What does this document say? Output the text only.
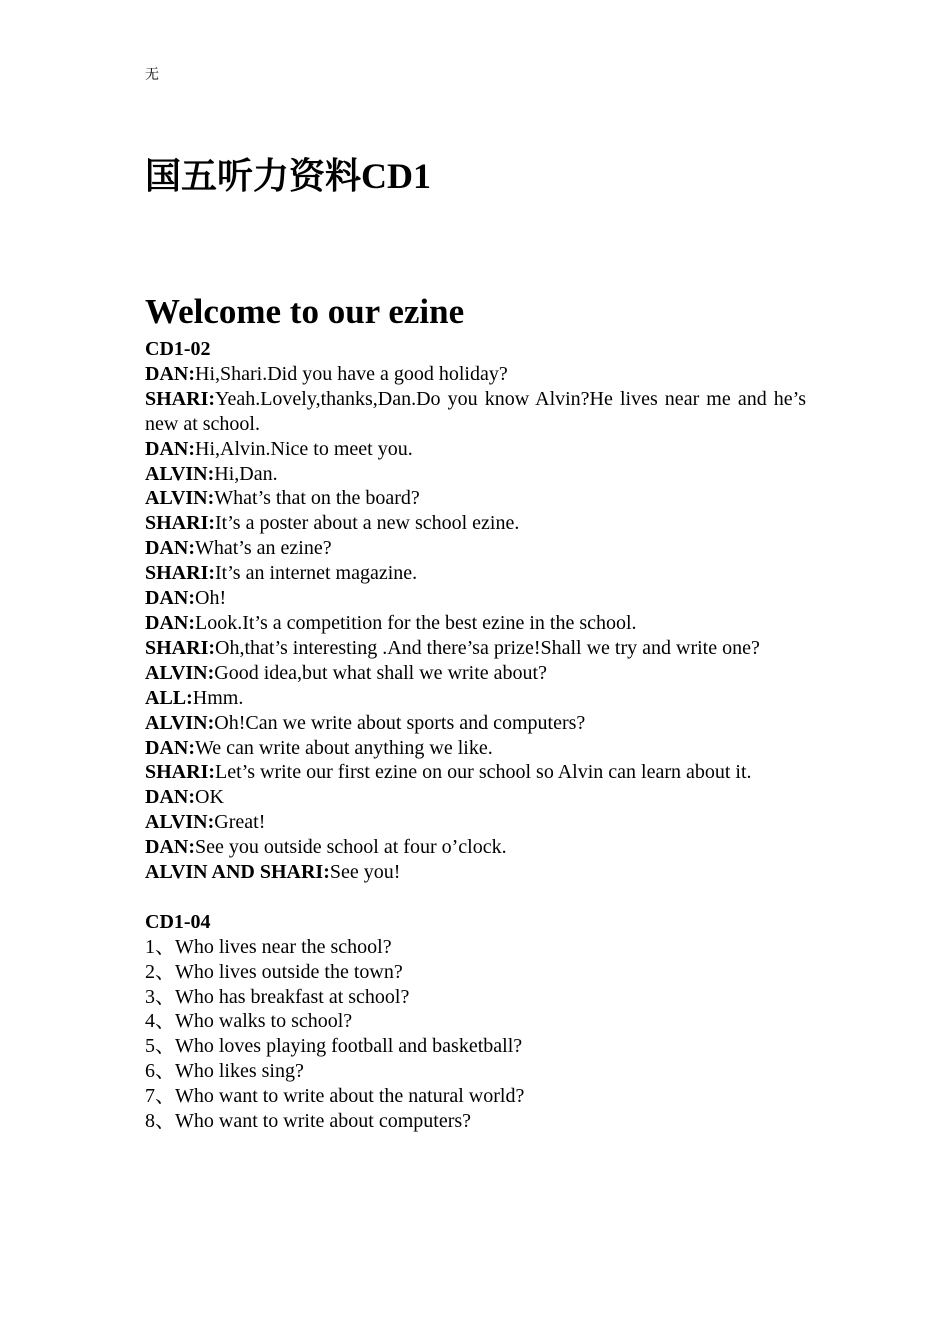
无
国五听力资料CD1
Welcome to our ezine
CD1-02
DAN:Hi,Shari.Did you have a good holiday?
SHARI:Yeah.Lovely,thanks,Dan.Do you know Alvin?He lives near me and he’s new at school.
DAN:Hi,Alvin.Nice to meet you.
ALVIN:Hi,Dan.
ALVIN:What’s that on the board?
SHARI:It’s a poster about a new school ezine.
DAN:What’s an ezine?
SHARI:It’s an internet magazine.
DAN:Oh!
DAN:Look.It’s a competition for the best ezine in the school.
SHARI:Oh,that’s interesting .And there’sa prize!Shall we try and write one?
ALVIN:Good idea,but what shall we write about?
ALL:Hmm.
ALVIN:Oh!Can we write about sports and computers?
DAN:We can write about anything we like.
SHARI:Let’s write our first ezine on our school so Alvin can learn about it.
DAN:OK
ALVIN:Great!
DAN:See you outside school at four o’clock.
ALVIN AND SHARI:See you!
CD1-04
1、Who lives near the school?
2、Who lives outside the town?
3、Who has breakfast at school?
4、Who walks to school?
5、Who loves playing football and basketball?
6、Who likes sing?
7、Who want to write about the natural world?
8、Who want to write about computers?
